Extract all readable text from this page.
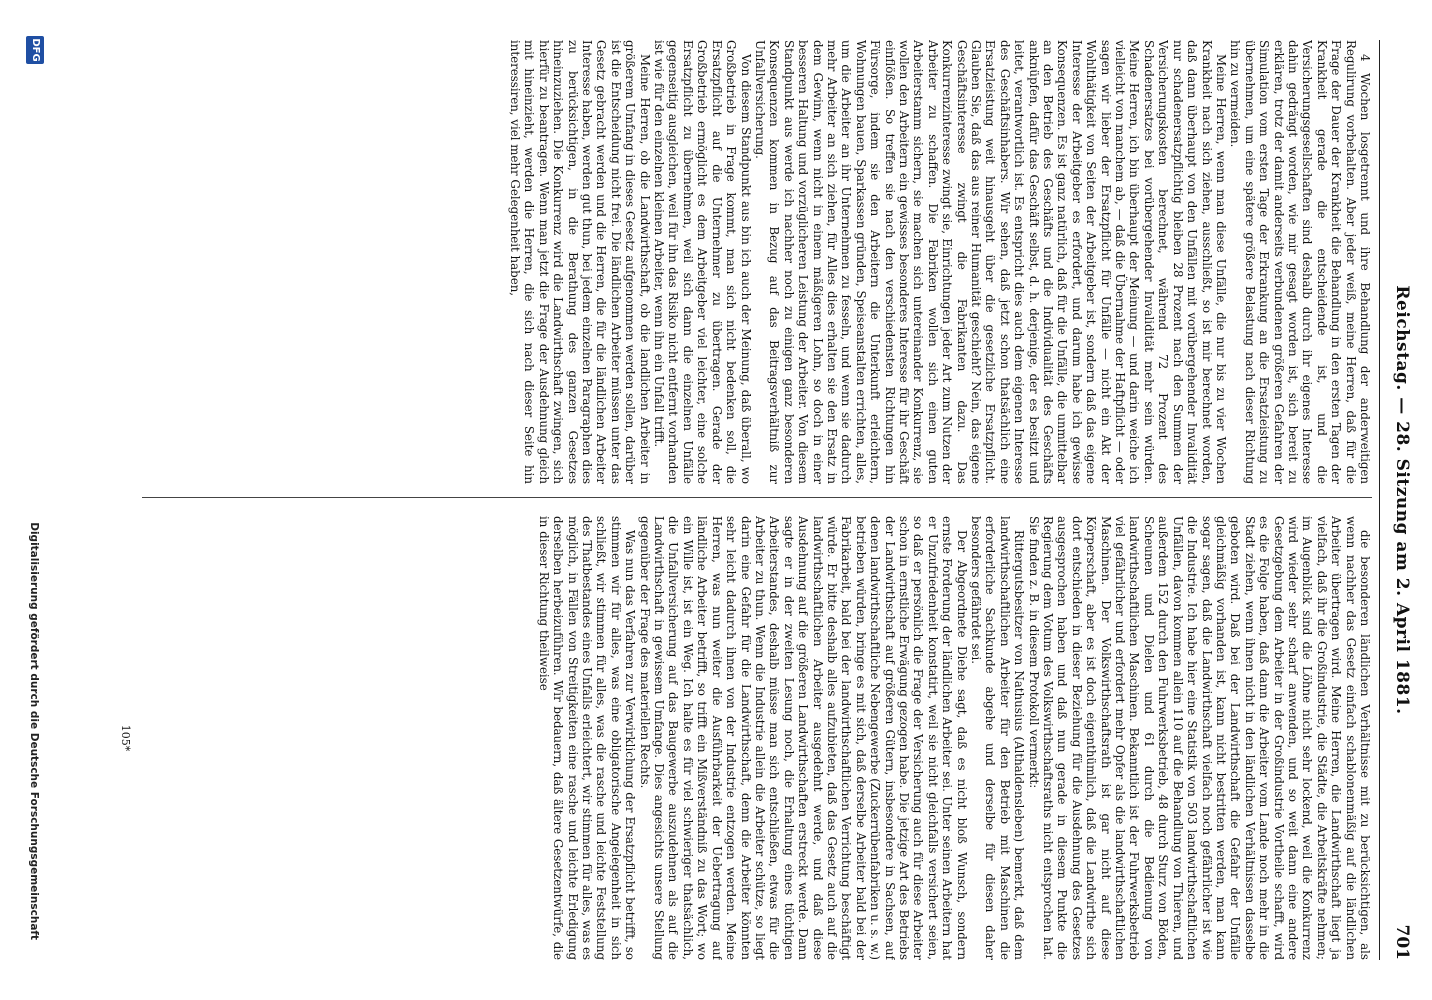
Reichstag. — 28. Sitzung am 2. April 1881.
701

4 Wochen losgetrennt und ihre Behandlung der anderweitigen Regulirung vorbehalten. Aber jeder weiß, meine Herren, daß für die Frage der Dauer der Krankheit die Behandlung in den ersten Tagen der Krankheit gerade die entscheidende ist, und die Versicherungsgesellschaften sind deshalb durch ihr eigenes Interesse dahin gedrängt worden, wie mir gesagt worden ist, sich bereit zu erklären, trotz der damit anderseits verbundenen größeren Gefahren der Simulation vom ersten Tage der Erkrankung an die Ersatzleistung zu übernehmen, um eine spätere größere Belastung nach dieser Richtung hin zu vermeiden.

Meine Herren, wenn man diese Unfälle, die nur bis zu vier Wochen Krankheit nach sich ziehen, ausschließt, so ist mir berechnet worden, daß dann überhaupt von den Unfällen mit vorübergehender Invalidität nur schadenersatzpflichtig bleiben 28 Prozent nach den Summen der Versicherungskosten berechnet, während 72 Prozent des Schadenersatzes bei vorübergehender Invalidität mehr sein würden. Meine Herren, ich bin überhaupt der Meinung — und darin weiche ich vielleicht von manchem ab, — daß die Übernahme der Haftpflicht — oder sagen wir lieber der Ersatzpflicht für Unfälle — nicht ein Akt der Wohlthätigkeit von Seiten der Arbeitgeber ist, sondern daß das eigene Interesse der Arbeitgeber es erfordert, und darum habe ich gewisse Konsequenzen. Es ist ganz natürlich, daß für die Unfälle, die unmittelbar an den Betrieb des Geschäfts und die Individualität des Geschäfts anknüpfen, dafür das Geschäft selbst, d. h. derjenige, der es besitzt und leitet, verantwortlich ist. Es entspricht dies auch dem eigenen Interesse des Geschäftsinhabers. Wir sehen, daß jetzt schon thatsächlich eine Ersatzleistung weit hinausgeht über die gesetzliche Ersatzpflicht. Glauben Sie, daß das aus reiner Humanität geschieht? Nein, das eigene Geschäftsinteresse zwingt die Fabrikanten dazu. Das Konkurrenzinteresse zwingt sie, Einrichtungen jeder Art zum Nutzen der Arbeiter zu schaffen. Die Fabriken wollen sich einen guten Arbeiterstamm sichern, sie machen sich untereinander Konkurrenz, sie wollen den Arbeitern ein gewisses besonderes Interesse für ihr Geschäft einflößen. So treffen sie nach den verschiedensten Richtungen hin Fürsorge, indem sie den Arbeitern die Unterkunft erleichtern, Wohnungen bauen, Sparkassen gründen, Speiseanstalten errichten, alles, um die Arbeiter an ihr Unternehmen zu fesseln, und wenn sie dadurch mehr Arbeiter an sich ziehen, für Alles dies erhalten sie den Ersatz in dem Gewinn, wenn nicht in einem mäßigeren Lohn, so doch in einer besseren Haltung und vorzüglicheren Leistung der Arbeiter. Von diesem Standpunkt aus werde ich nachher noch zu einigen ganz besonderen Konsequenzen kommen in Bezug auf das Beitragsverhältniß zur Unfallversicherung.

Von diesem Standpunkt aus bin ich auch der Meinung, daß überall, wo Großbetrieb in Frage kommt, man sich nicht bedenken soll, die Ersatzpflicht auf die Unternehmer zu übertragen. Gerade der Großbetrieb ermöglicht es dem Arbeitgeber viel leichter, eine solche Ersatzpflicht zu übernehmen, weil sich dann die einzelnen Unfälle gegenseitig ausgleichen, weil für ihn das Risiko nicht entfernt vorhanden ist wie für den einzelnen kleinen Arbeiter, wenn ihn ein Unfall trifft.

Meine Herren, ob die Landwirthschaft, ob die landlichen Arbeiter in größerem Umfang in dieses Gesetz aufgenommen werden sollen, darüber ist die Entscheidung nicht frei. Die ländlichen Arbeiter müssen unter das Gesetz gebracht werden und die Herren, die für die ländlichen Arbeiter Interesse haben, werden gut thun, bei jedem einzelnen Paragraphen dies zu berücksichtigen, in die Berathung des ganzen Gesetzes hineinzuziehen. Die Konkurrenz wird die Landwirthschaft zwingen, sich hierfür zu beantragen. Wenn man jetzt die Frage der Ausdehnung gleich mit hineinzieht, werden die Herren, die sich nach dieser Seite hin interessiren, viel mehr Gelegenheit haben,

die besonderen ländlichen Verhältnisse mit zu berücksichtigen, als wenn nachher das Gesetz einfach schablonenmäßig auf die ländlichen Arbeiter übertragen wird. Meine Herren, die Landwirthschaft liegt ja vielfach, daß ihr die Großindustrie, die Städte, die Arbeitskräfte nehmen; im Augenblick sind die Löhne nicht sehr lockend, weil die Konkurrenz wird wieder sehr scharf anwenden, und so weit dann eine andere Gesetzgebung dem Arbeiter in der Großindustrie Vortheile schafft, wird es die Folge haben, daß dann die Arbeiter vom Lande noch mehr in die Stadt ziehen, wenn ihnen nicht in den ländlichen Verhältnissen dasselbe geboten wird. Daß bei der Landwirthschaft die Gefahr der Unfälle gleichmäßig vorhanden ist, kann nicht bestritten werden, man kann sogar sagen, daß die Landwirthschaft vielfach noch gefährlicher ist wie die Industrie. Ich habe hier eine Statistik von 503 landwirthschaftlichen Unfällen, davon kommen allein 110 auf die Behandlung von Thieren, und außerdem 152 durch den Fuhrwerksbetrieb, 48 durch Sturz von Böden, Scheunen und Dielen und 61 durch die Bedienung von landwirthschaftlichen Maschinen. Bekanntlich ist der Fuhrwerksbetrieb viel gefährlicher und erfordert mehr Opfer als die landwirthschaftlichen Maschinen. Der Volkswirthschaftsrath ist gar nicht auf diese Körperschaft, aber es ist doch eigenthümlich, daß die Landwirthe sich dort entschieden in dieser Beziehung für die Ausdehnung des Gesetzes ausgesprochen haben und daß nun gerade in diesem Punkte die Regierung dem Votum des Volkswirthschaftsraths nicht entsprochen hat. Sie finden z. B. in diesem Protokoll vermerkt:

Rittergutsbesitzer von Nathusius (Althaldensleben) bemerkt, daß dem landwirthschaftlichen Arbeiter für den Betrieb mit Maschinen die erforderliche Sachkunde abgehe und derselbe für diesen daher besonders gefährdet sei.

Der Abgeordnete Diehe sagt, daß es nicht bloß Wunsch, sondern ernste Forderung der ländlichen Arbeiter sei. Unter seinen Arbeitern hat er Unzufriedenheit konstatirt, weil sie nicht gleichfalls versichert seien, so daß er persönlich die Frage der Versicherung auch für diese Arbeiter schon in ernstliche Erwägung gezogen habe. Die jetzige Art des Betriebs der Landwirthschaft auf größeren Gütern, insbesondere in Sachsen, auf denen landwirthschaftliche Nebengewerbe (Zuckerrübenfabriken u. s. w.) betrieben würden, bringe es mit sich, daß derselbe Arbeiter bald bei der Fabrikarbeit, bald bei der landwirthschaftlichen Verrichtung beschäftigt würde. Er bitte deshalb alles aufzubieten, daß das Gesetz auch auf die landwirthschaftlichen Arbeiter ausgedehnt werde, und daß diese Ausdehnung auf die größeren Landwirthschaften erstreckt werde. Dann sagte er in der zweiten Lesung noch, die Erhaltung eines tüchtigen Arbeiterstandes, deshalb müsse man sich entschließen, etwas für die Arbeiter zu thun. Wenn die Industrie allein die Arbeiter schütze, so liegt darin eine Gefahr für die Landwirthschaft, denn die Arbeiter könnten sehr leicht dadurch ihnen von der Industrie entzogen werden. Meine Herren, was nun weiter die Ausführbarkeit der Uebertragung auf ländliche Arbeiter betrifft, so trifft ein Mißverständniß zu das Wort; wo ein Wille ist, ist ein Weg. Ich halte es für viel schwieriger thatsächlich, die Unfallversicherung auf das Baugewerbe auszudehnen als auf die Landwirthschaft in gewissem Umfange. Dies angesichts unsere Stellung gegenüber der Frage des materiellen Rechts.

Was nun das Verfahren zur Verwirklichung der Ersatzpflicht betrifft, so stimmen wir für alles, was eine obligatorische Angelegenheit in sich schließt, wir stimmen für alles, was die rasche und leichte Feststellung des Thatbestandes eines Unfalls erleichtert, wir stimmen für alles, was es möglich, in Fällen von Streitigkeiten eine rasche und leichte Erledigung derselben herbeizuführen. Wir bedauern, daß ältere Gesetzentwürfe, die in dieser Richtung theilweise

105*
Digitalisierung gefördert durch die Deutsche Forschungsgemeinschaft
DFG
